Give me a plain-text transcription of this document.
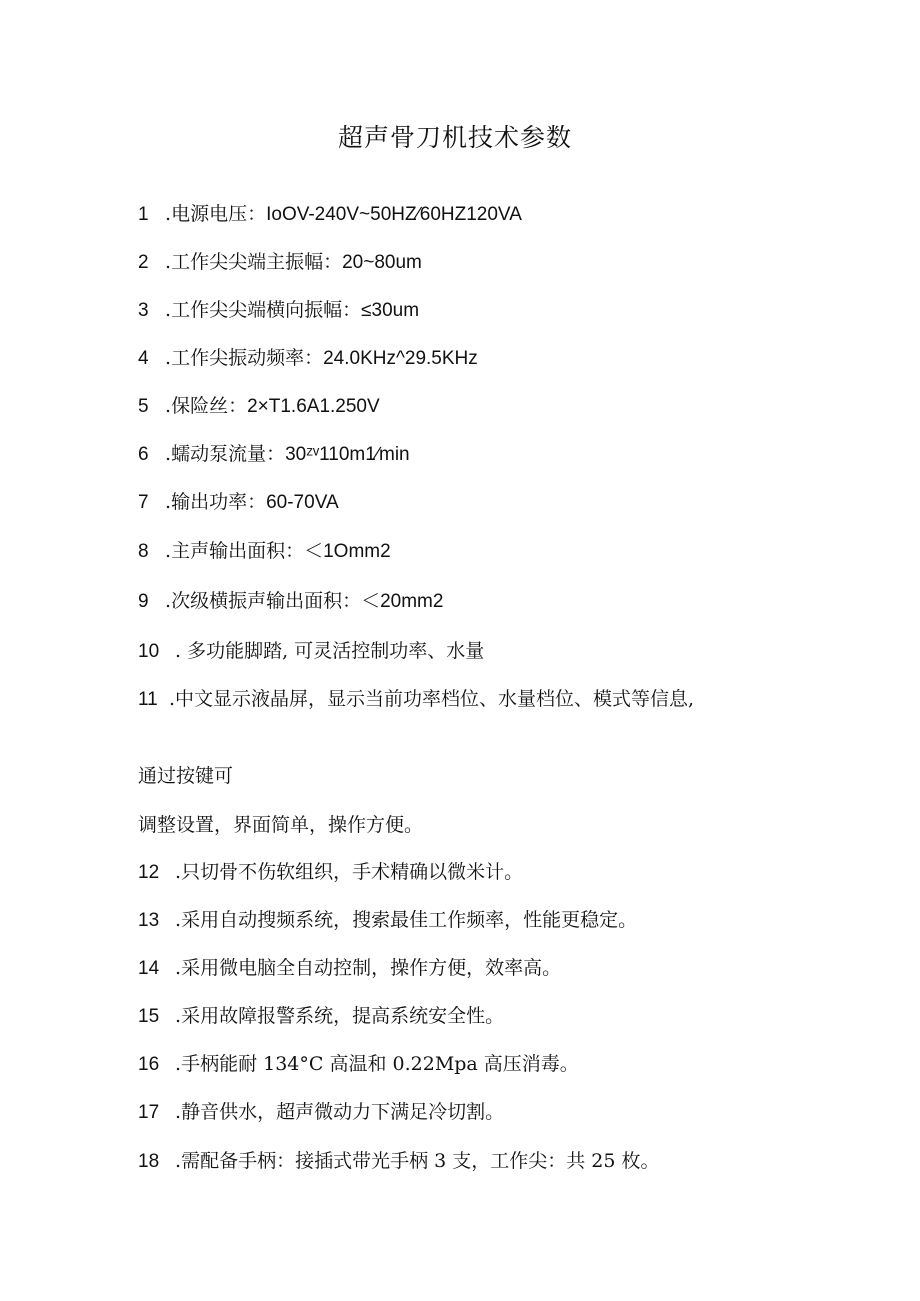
超声骨刀机技术参数
1 .电源电压：IoOV-240V~50HZ∕60HZ120VA
2 .工作尖尖端主振幅：20~80um
3 .工作尖尖端横向振幅：≤30um
4 .工作尖振动频率：24.0KHz^29.5KHz
5 .保险丝：2×T1.6A1.250V
6 .蠕动泵流量：30ᶻᵛ110m1∕min
7 .输出功率：60-70VA
8 .主声输出面积：＜1Omm2
9 .次级横振声输出面积：＜20mm2
10 . 多功能脚踏, 可灵活控制功率、水量
11 .中文显示液晶屏，显示当前功率档位、水量档位、模式等信息,
通过按键可
调整设置，界面简单，操作方便。
12 .只切骨不伤软组织，手术精确以微米计。
13 .采用自动搜频系统，搜索最佳工作频率，性能更稳定。
14 .采用微电脑全自动控制，操作方便，效率高。
15 .采用故障报警系统，提高系统安全性。
16 .手柄能耐 134°C 高温和 0.22Mpa 高压消毒。
17 .静音供水，超声微动力下满足冷切割。
18 .需配备手柄：接插式带光手柄 3 支，工作尖：共 25 枚。
